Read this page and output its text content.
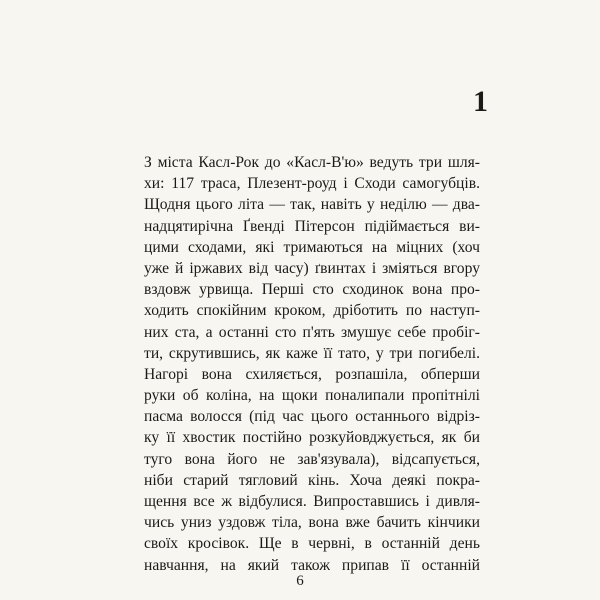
1
З міста Касл-Рок до «Касл-В'ю» ведуть три шля-
хи: 117 траса, Плезент-роуд і Сходи самогубців.
Щодня цього літа — так, навіть у неділю — два-
надцятирічна Ґвенді Пітерсон підіймається ви-
цими сходами, які тримаються на міцних (хоч
уже й іржавих від часу) ґвинтах і зміяться вгору
вздовж урвища. Перші сто сходинок вона про-
ходить спокійним кроком, дріботить по наступ-
них ста, а останні сто п'ять змушує себе пробіг-
ти, скрутившись, як каже її тато, у три погибелі.
Нагорі вона схиляється, розпашіла, обперши
руки об коліна, на щоки поналипали пропітнілі
пасма волосся (під час цього останнього відріз-
ку її хвостик постійно розкуйовджується, як би
туго вона його не зав'язувала), відсапується,
ніби старий тягловий кінь. Хоча деякі покра-
щення все ж відбулися. Випроставшись і дивля-
чись униз уздовж тіла, вона вже бачить кінчики
своїх кросівок. Ще в червні, в останній день
навчання, на який також припав її останній
6
